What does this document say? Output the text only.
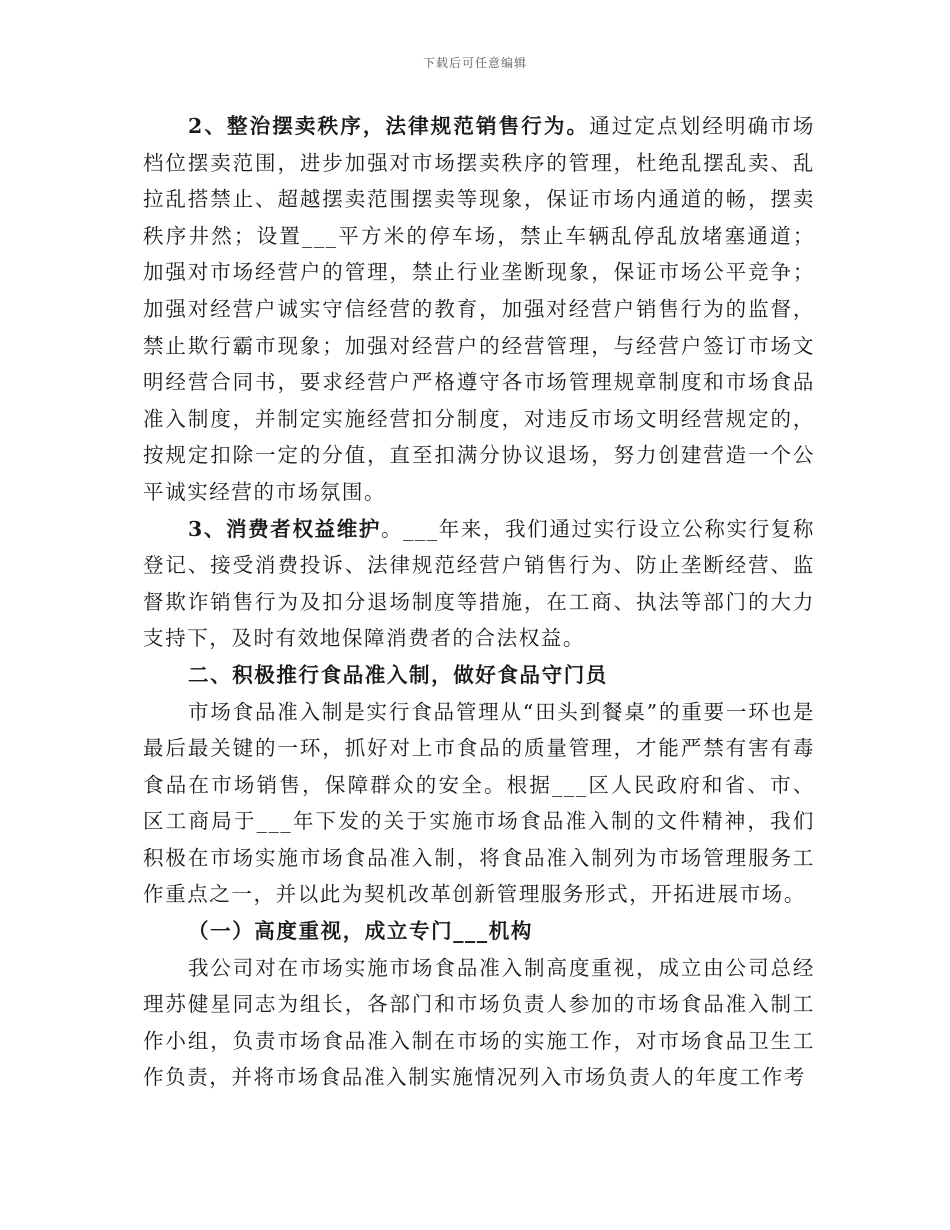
下载后可任意编辑

2、整治摆卖秩序，法律规范销售行为。通过定点划经明确市场档位摆卖范围，进步加强对市场摆卖秩序的管理，杜绝乱摆乱卖、乱拉乱搭禁止、超越摆卖范围摆卖等现象，保证市场内通道的畅，摆卖秩序井然；设置___平方米的停车场，禁止车辆乱停乱放堵塞通道；加强对市场经营户的管理，禁止行业垄断现象，保证市场公平竞争；加强对经营户诚实守信经营的教育，加强对经营户销售行为的监督，禁止欺行霸市现象；加强对经营户的经营管理，与经营户签订市场文明经营合同书，要求经营户严格遵守各市场管理规章制度和市场食品准入制度，并制定实施经营扣分制度，对违反市场文明经营规定的，按规定扣除一定的分值，直至扣满分协议退场，努力创建营造一个公平诚实经营的市场氛围。

3、消费者权益维护。___年来，我们通过实行设立公称实行复称登记、接受消费投诉、法律规范经营户销售行为、防止垄断经营、监督欺诈销售行为及扣分退场制度等措施，在工商、执法等部门的大力支持下，及时有效地保障消费者的合法权益。

二、积极推行食品准入制，做好食品守门员

市场食品准入制是实行食品管理从“田头到餐桌”的重要一环也是最后最关键的一环，抓好对上市食品的质量管理，才能严禁有害有毒食品在市场销售，保障群众的安全。根据___区人民政府和省、市、区工商局于___年下发的关于实施市场食品准入制的文件精神，我们积极在市场实施市场食品准入制，将食品准入制列为市场管理服务工作重点之一，并以此为契机改革创新管理服务形式，开拓进展市场。

（一）高度重视，成立专门___机构

我公司对在市场实施市场食品准入制高度重视，成立由公司总经理苏健星同志为组长，各部门和市场负责人参加的市场食品准入制工作小组，负责市场食品准入制在市场的实施工作，对市场食品卫生工作负责，并将市场食品准入制实施情况列入市场负责人的年度工作考
